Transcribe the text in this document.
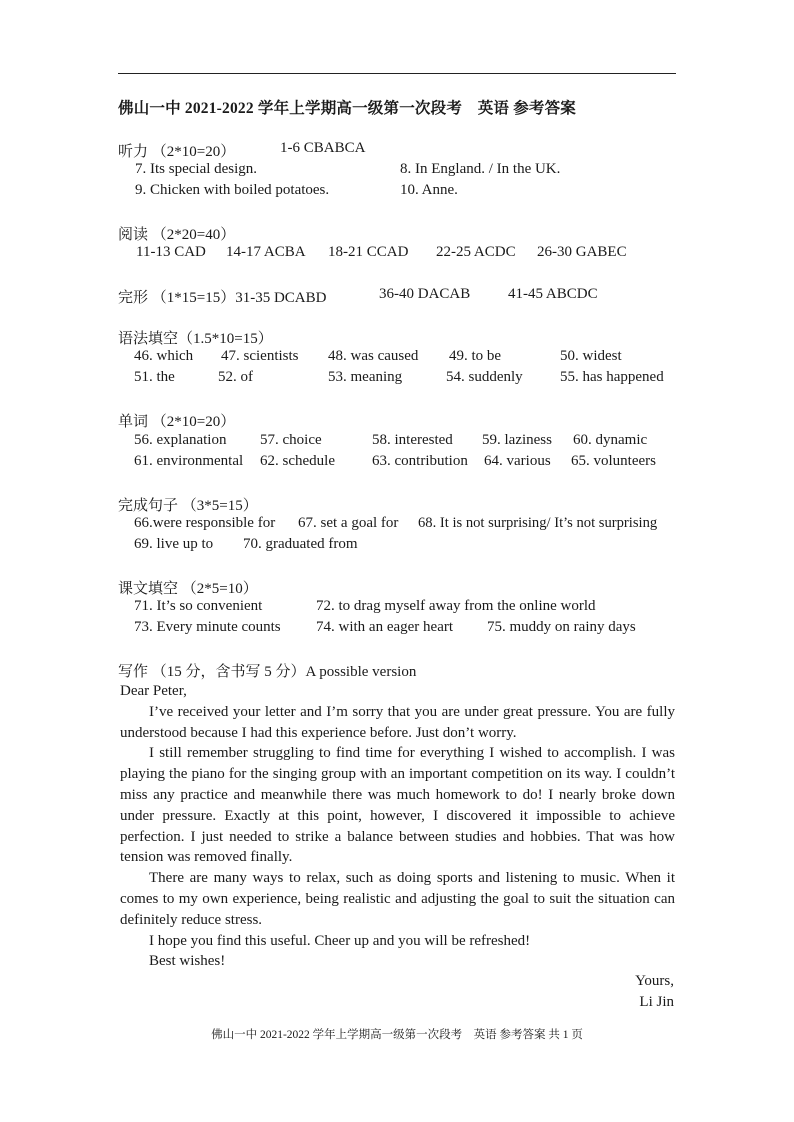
佛山一中 2021-2022 学年上学期高一级第一次段考　英语 参考答案
听力 （2*10=20）	1-6 CBABCA
7. Its special design.	8. In England. / In the UK.
9. Chicken with boiled potatoes.	10. Anne.
阅读 （2*20=40）
11-13 CAD 14-17 ACBA 18-21 CCAD 22-25 ACDC 26-30 GABEC
完形 （1*15=15）31-35 DCABD	36-40 DACAB	41-45 ABCDC
语法填空（1.5*10=15）
46. which 47. scientists 48. was caused 49. to be	50. widest
51. the	52. of	53. meaning	54. suddenly 55. has happened
单词 （2*10=20）
56. explanation 57. choice	58. interested 59. laziness 60. dynamic
61. environmental 62. schedule 63. contribution 64. various 65. volunteers
完成句子 （3*5=15）
66.were responsible for 67. set a goal for 68. It is not surprising/ It’s not surprising
69. live up to 70. graduated from
课文填空 （2*5=10）
71. It’s so convenient	72. to drag myself away from the online world
73. Every minute counts 74. with an eager heart 75. muddy on rainy days
写作 （15 分，含书写 5 分）A possible version

Dear Peter,

I’ve received your letter and I’m sorry that you are under great pressure. You are fully understood because I had this experience before. Just don’t worry.

I still remember struggling to find time for everything I wished to accomplish. I was playing the piano for the singing group with an important competition on its way. I couldn’t miss any practice and meanwhile there was much homework to do! I nearly broke down under pressure. Exactly at this point, however, I discovered it impossible to achieve perfection. I just needed to strike a balance between studies and hobbies. That was how tension was removed finally.

There are many ways to relax, such as doing sports and listening to music. When it comes to my own experience, being realistic and adjusting the goal to suit the situation can definitely reduce stress.

I hope you find this useful. Cheer up and you will be refreshed!

Best wishes!

Yours,
Li Jin
佛山一中 2021-2022 学年上学期高一级第一次段考　英语 参考答案 共 1 页
